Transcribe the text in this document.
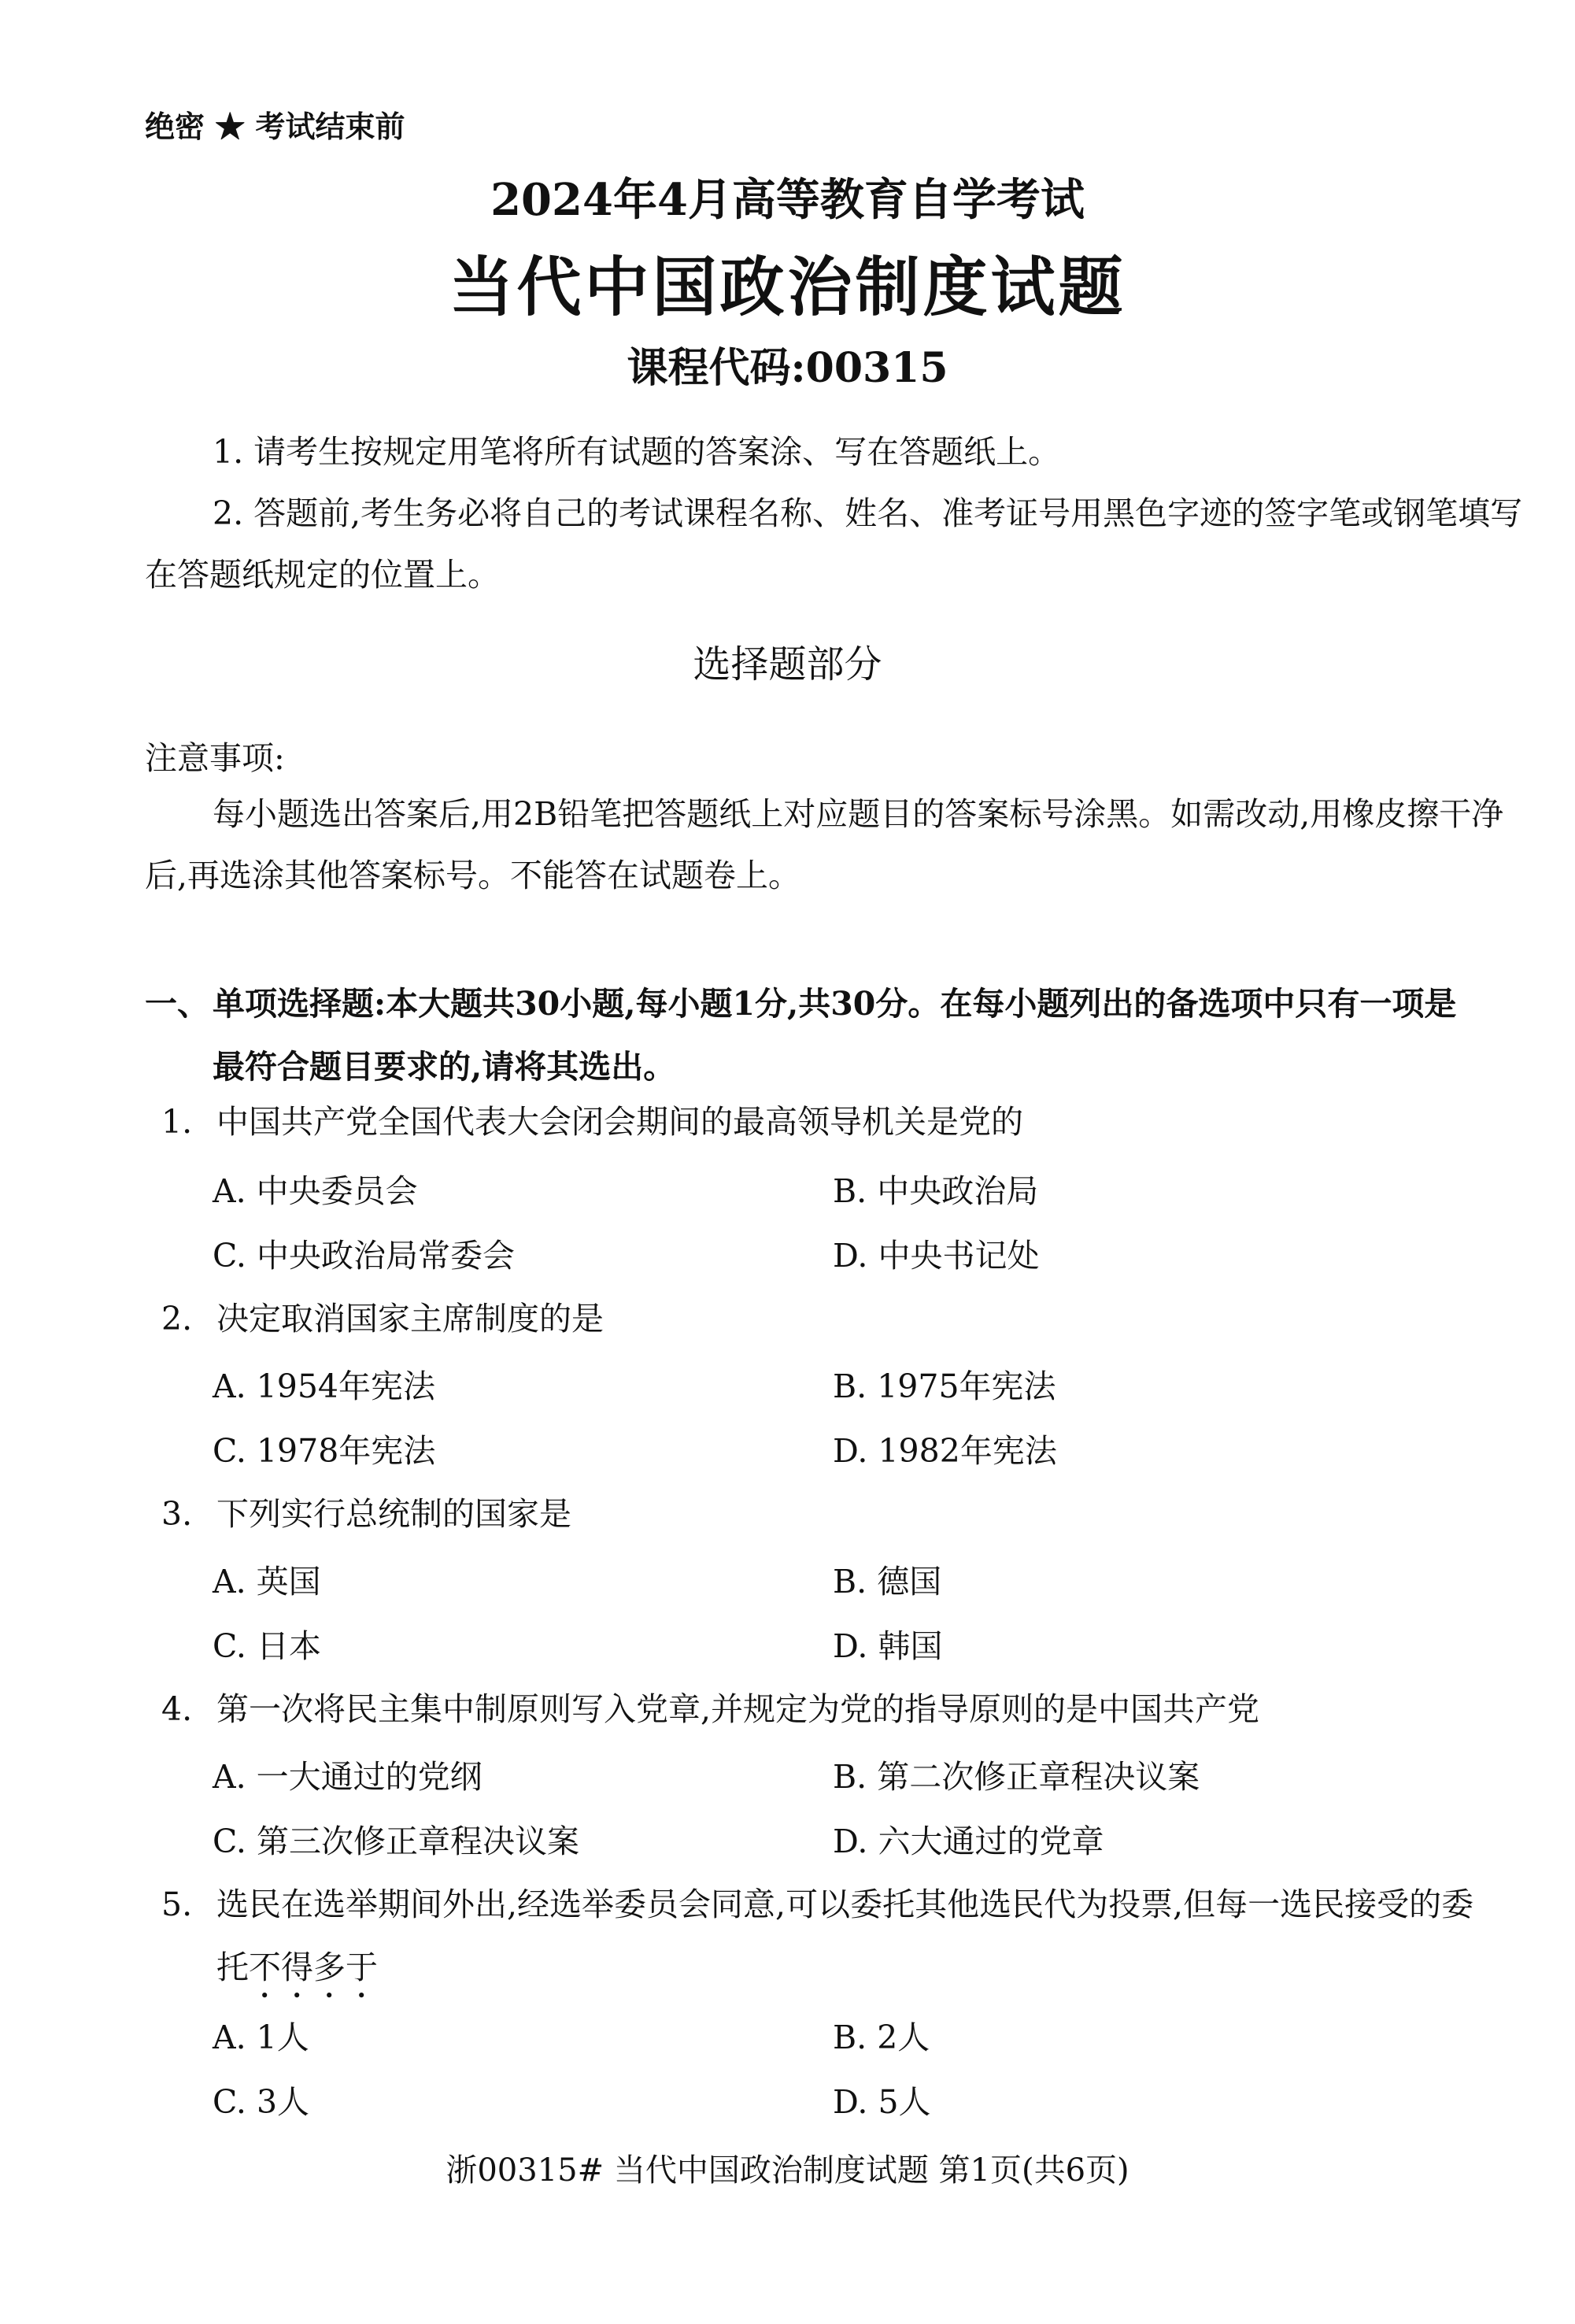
绝密 ★ 考试结束前
2024年4月高等教育自学考试
当代中国政治制度试题
课程代码:00315
1. 请考生按规定用笔将所有试题的答案涂、写在答题纸上。
2. 答题前,考生务必将自己的考试课程名称、姓名、准考证号用黑色字迹的签字笔或钢笔填写在答题纸规定的位置上。
选择题部分
注意事项:
每小题选出答案后,用2B铅笔把答题纸上对应题目的答案标号涂黑。如需改动,用橡皮擦干净后,再选涂其他答案标号。不能答在试题卷上。
一、 单项选择题:本大题共30小题,每小题1分,共30分。在每小题列出的备选项中只有一项是最符合题目要求的,请将其选出。
1. 中国共产党全国代表大会闭会期间的最高领导机关是党的
A. 中央委员会	B. 中央政治局
C. 中央政治局常委会	D. 中央书记处
2. 决定取消国家主席制度的是
A. 1954年宪法	B. 1975年宪法
C. 1978年宪法	D. 1982年宪法
3. 下列实行总统制的国家是
A. 英国	B. 德国
C. 日本	D. 韩国
4. 第一次将民主集中制原则写入党章,并规定为党的指导原则的是中国共产党
A. 一大通过的党纲	B. 第二次修正章程决议案
C. 第三次修正章程决议案	D. 六大通过的党章
5. 选民在选举期间外出,经选举委员会同意,可以委托其他选民代为投票,但每一选民接受的委托不得多于
A. 1人	B. 2人
C. 3人	D. 5人
浙00315# 当代中国政治制度试题 第1页(共6页)
